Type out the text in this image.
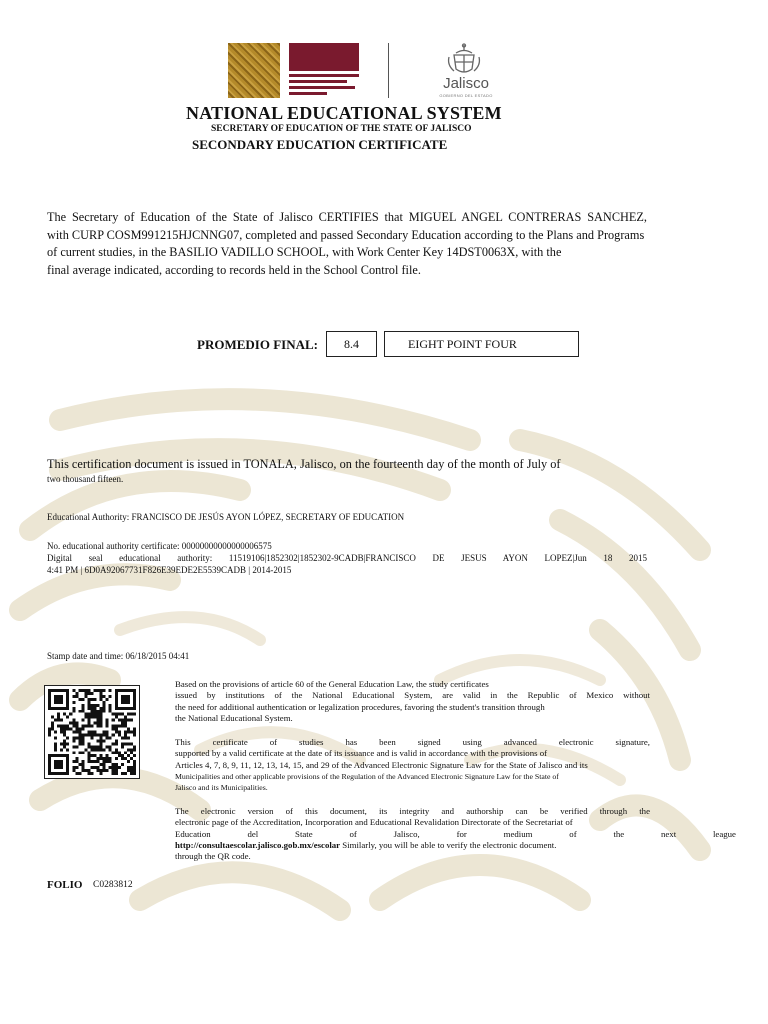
Jalisco
GOBIERNO DEL ESTADO
NATIONAL EDUCATIONAL SYSTEM
SECRETARY OF EDUCATION OF THE STATE OF JALISCO
SECONDARY EDUCATION CERTIFICATE
The Secretary of Education of the State of Jalisco CERTIFIES that MIGUEL ANGEL CONTRERAS SANCHEZ,
with CURP COSM991215HJCNNG07, completed and passed Secondary Education according to the Plans and Programs
of current studies, in the BASILIO VADILLO SCHOOL, with Work Center Key 14DST0063X, with the
final average indicated, according to records held in the School Control file.
PROMEDIO FINAL:	8.4	EIGHT POINT FOUR
This certification document is issued in TONALA, Jalisco, on the fourteenth day of the month of July of
two thousand fifteen.
Educational Authority: FRANCISCO DE JESÚS AYON LÓPEZ, SECRETARY OF EDUCATION
No. educational authority certificate: 00000000000000006575
Digital seal educational authority: 11519106|1852302|1852302-9CADB|FRANCISCO DE JESUS AYON LOPEZ|Jun 18 2015
4:41 PM | 6D0A92067731F826E39EDE2E5539CADB | 2014-2015
Stamp date and time: 06/18/2015 04:41
Based on the provisions of article 60 of the General Education Law, the study certificates
issued by institutions of the National Educational System, are valid in the Republic of Mexico without
the need for additional authentication or legalization procedures, favoring the student's transition through
the National Educational System.
This certificate of studies has been signed using advanced electronic signature,
supported by a valid certificate at the date of its issuance and is valid in accordance with the provisions of
Articles 4, 7, 8, 9, 11, 12, 13, 14, 15, and 29 of the Advanced Electronic Signature Law for the State of Jalisco and its
Municipalities and other applicable provisions of the Regulation of the Advanced Electronic Signature Law for the State of
Jalisco and its Municipalities.
The electronic version of this document, its integrity and authorship can be verified through the
electronic page of the Accreditation, Incorporation and Educational Revalidation Directorate of the Secretariat of
Education	del	State	of	Jalisco,	for	medium	of	the	next	league
http://consultaescolar.jalisco.gob.mx/escolar Similarly, you will be able to verify the electronic document.
through the QR code.
FOLIO C0283812
